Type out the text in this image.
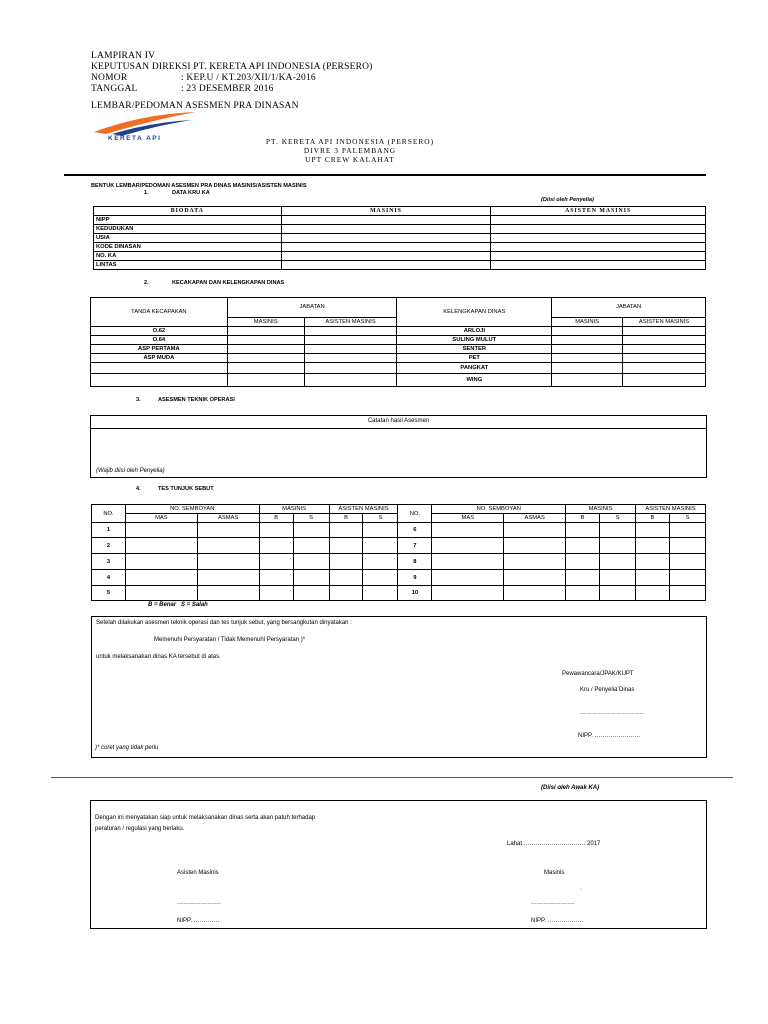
LAMPIRAN IV
KEPUTUSAN DIREKSI PT. KERETA API INDONESIA (PERSERO)
NOMOR	: KEP.U / KT.203/XII/1/KA-2016
TANGGAL	: 23 DESEMBER 2016
LEMBAR/PEDOMAN ASESMEN PRA DINASAN
KERETA API	PT. KERETA API INDONESIA (PERSERO)
DIVRE 3 PALEMBANG
UPT CREW KALAHAT
BENTUK LEMBAR/PEDOMAN ASESMEN PRA DINAS MASINIS/ASISTEN MASINIS
1.	DATA KRU KA
(Diisi oleh Penyelia)
BIODATA	MASINIS	ASISTEN MASINIS
NIPP		
KEDUDUKAN		
USIA		
KODE DINASAN		
NO. KA		
LINTAS		
2.	KECAKAPAN DAN KELENGKAPAN DINAS
TANDA KECAPAKAN	JABATAN		KELENGKAPAN DINAS	JABATAN	
	MASINIS	ASISTEN MASINIS		MASINIS	ASISTEN MASINIS
O.62			ARLOJI		
O.64			SULING MULUT		
ASP PERTAMA			SENTER		
ASP MUDA			PET		
			PANGKAT		
			WING		
3.	ASESMEN TEKNIK OPERASI
Catatan hasil Asesmen
(Wajib diisi oleh Penyelia)
4.	TES TUNJUK SEBUT
NO.	NO. SEMBOYAN		MASINIS		ASISTEN MASINIS		NO.	NO. SEMBOYAN		MASINIS		ASISTEN MASINIS	
	MAS	ASMAS	B	S	B	S		MAS	ASMAS	B	S	B	S
1							6						
2							7						
3							8						
4							9						
5							10						
B = Benar S = Salah
Setelah dilakukan asesmen teknik operasi dan tes tunjuk sebut, yang bersangkutan dinyatakan :
Memenuhi Persyaratan / Tidak Memenuhi Persyaratan )*
untuk melaksanakan dinas KA tersebut di atas.
Pewawancara/JPAK/KUPT
Kru / Penyelia Dinas
…………………………..
NIPP. …………………..
)* coret yang tidak perlu
(Diisi oleh Awak KA)
Dengan ini menyatakan siap untuk melaksanakan dinas serta akan patuh terhadap
peraturan / regulasi yang berlaku.
Lahat …………………………. 2017
Asisten Masinis	Masinis
.
………………….	………………….
NIPP. ………….	NIPP. ………………
